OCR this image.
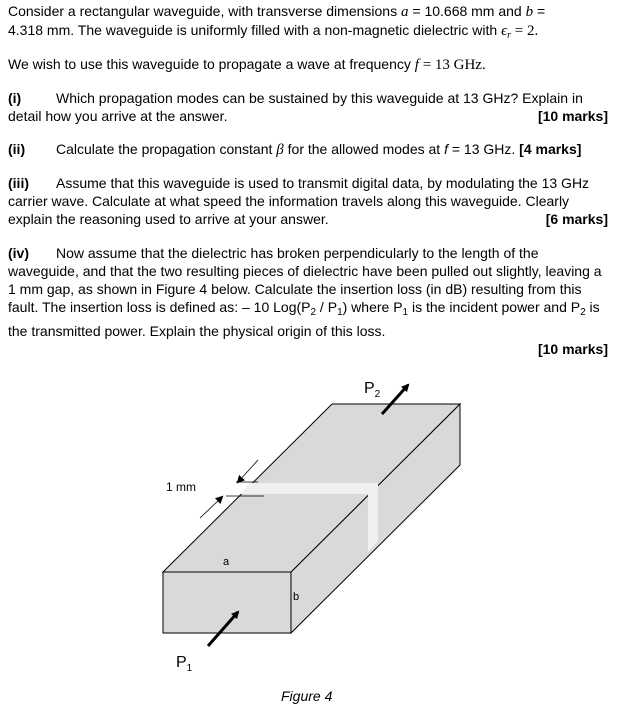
Consider a rectangular waveguide, with transverse dimensions a = 10.668 mm and b =

4.318 mm. The waveguide is uniformly filled with a non-magnetic dielectric with $\epsilon_r = 2$.

We wish to use this waveguide to propagate a wave at frequency f = 13 GHz.

(i) Which propagation modes can be sustained by this waveguide at 13 GHz? Explain in detail how you arrive at the answer.	[10 marks]
(ii) Calculate the propagation constant β for the allowed modes at f = 13 GHz. [4 marks]
(iii) Assume that this waveguide is used to transmit digital data, by modulating the 13 GHz carrier wave. Calculate at what speed the information travels along this waveguide. Clearly explain the reasoning used to arrive at your answer.	[6 marks]
(iv) Now assume that the dielectric has broken perpendicularly to the length of the waveguide, and that the two resulting pieces of dielectric have been pulled out slightly, leaving a 1 mm gap, as shown in Figure 4 below. Calculate the insertion loss (in dB) resulting from this fault. The insertion loss is defined as: – 10 $Log(P_2 / P_1)$ where $P_1$ is the incident power and $P_2$ is the transmitted power. Explain the physical origin of this loss.
[10 marks]
1 mm
a
b
$P_1$
$P_2$
Figure 4
